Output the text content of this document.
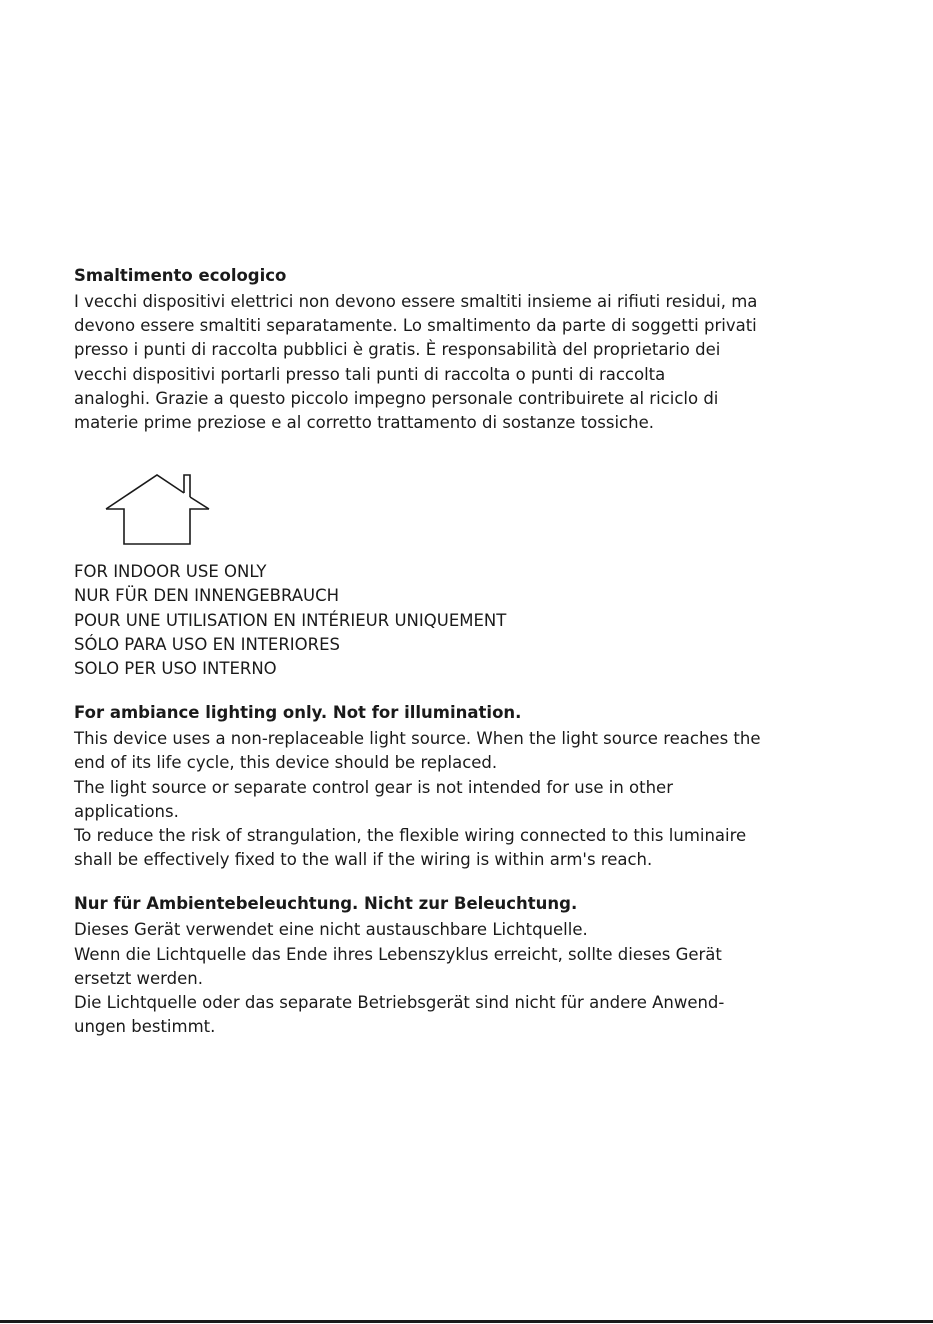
Smaltimento ecologico

I vecchi dispositivi elettrici non devono essere smaltiti insieme ai rifiuti residui, ma
devono essere smaltiti separatamente. Lo smaltimento da parte di soggetti privati
presso i punti di raccolta pubblici è gratis. È responsabilità del proprietario dei
vecchi dispositivi portarli presso tali punti di raccolta o punti di raccolta
analoghi. Grazie a questo piccolo impegno personale contribuirete al riciclo di
materie prime preziose e al corretto trattamento di sostanze tossiche.

FOR INDOOR USE ONLY
NUR FÜR DEN INNENGEBRAUCH
POUR UNE UTILISATION EN INTÉRIEUR UNIQUEMENT
SÓLO PARA USO EN INTERIORES
SOLO PER USO INTERNO

For ambiance lighting only. Not for illumination.

This device uses a non-replaceable light source. When the light source reaches the
end of its life cycle, this device should be replaced.
The light source or separate control gear is not intended for use in other
applications.
To reduce the risk of strangulation, the flexible wiring connected to this luminaire
shall be effectively fixed to the wall if the wiring is within arm's reach.

Nur für Ambientebeleuchtung. Nicht zur Beleuchtung.

Dieses Gerät verwendet eine nicht austauschbare Lichtquelle.
Wenn die Lichtquelle das Ende ihres Lebenszyklus erreicht, sollte dieses Gerät
ersetzt werden.
Die Lichtquelle oder das separate Betriebsgerät sind nicht für andere Anwend-
ungen bestimmt.
